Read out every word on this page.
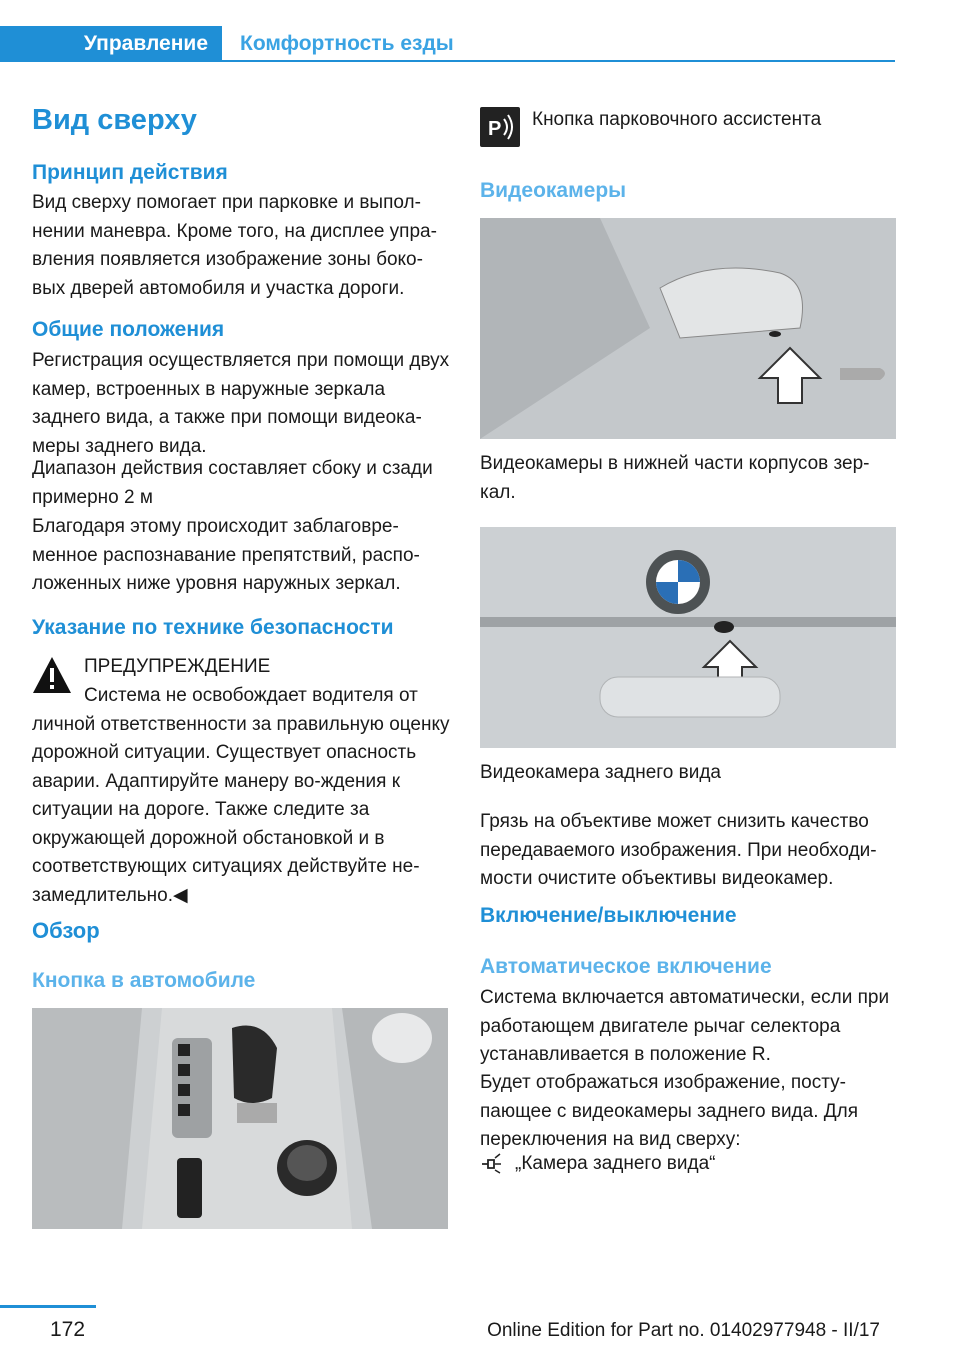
Управление	Комфортность езды
Вид сверху
Принцип действия

Вид сверху помогает при парковке и выпол-нении маневра. Кроме того, на дисплее упра-вления появляется изображение зоны боко-вых дверей автомобиля и участка дороги.

Общие положения

Регистрация осуществляется при помощи двух камер, встроенных в наружные зеркала заднего вида, а также при помощи видеока-меры заднего вида.

Диапазон действия составляет сбоку и сзади примерно 2 м

Благодаря этому происходит заблаговре-менное распознавание препятствий, распо-ложенных ниже уровня наружных зеркал.

Указание по технике безопасности

ПРЕДУПРЕЖДЕНИЕ

Система не освобождает водителя от личной ответственности за правильную оценку дорожной ситуации. Существует опасность аварии. Адаптируйте манеру во-ждения к ситуации на дороге. Также следите за окружающей дорожной обстановкой и в соответствующих ситуациях действуйте не-замедлительно.◀
Обзор
Кнопка в автомобиле
P Кнопка парковочного ассистента

Видеокамеры

Видеокамеры в нижней части корпусов зер-кал.

Видеокамера заднего вида

Грязь на объективе может снизить качество передаваемого изображения. При необходи-мости очистите объективы видеокамер.

Включение/выключение
Автоматическое включение

Система включается автоматически, если при работающем двигателе рычаг селектора устанавливается в положение R.

Будет отображаться изображение, посту-пающее с видеокамеры заднего вида. Для переключения на вид сверху:

„Камера заднего вида“

172	Online Edition for Part no. 01402977948 - II/17
